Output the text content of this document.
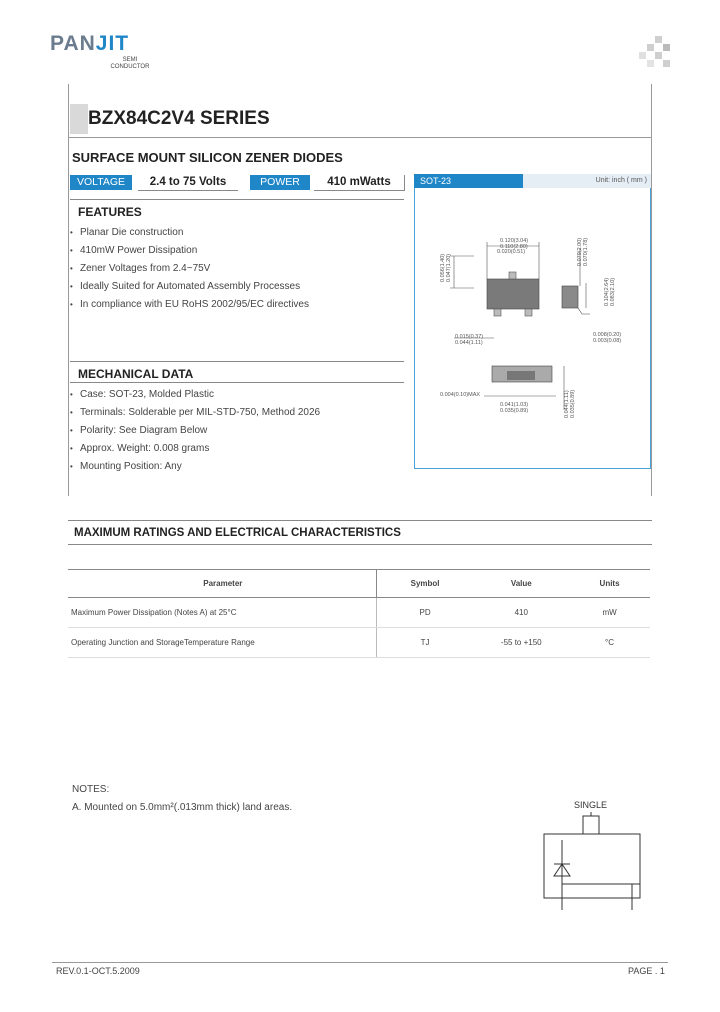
PANJIT
SEMI
CONDUCTOR
BZX84C2V4 SERIES
SURFACE MOUNT SILICON ZENER DIODES
VOLTAGE	2.4 to 75 Volts	POWER	410 mWatts
FEATURES
• Planar Die construction
• 410mW Power Dissipation
• Zener Voltages from 2.4~75V
• Ideally Suited for Automated Assembly Processes
• In compliance with EU RoHS 2002/95/EC directives
MECHANICAL DATA
• Case: SOT-23, Molded Plastic
• Terminals: Solderable per MIL-STD-750, Method 2026
• Polarity: See Diagram Below
• Approx. Weight: 0.008 grams
• Mounting Position: Any
SOT-23	Unit: inch ( mm )
0.120(3.04)
0.110(2.80)
0.056(1.40) 0.047(1.20)
0.020(0.51)	0.079(2.00) 0.070(1.78)
0.104(2.64) 0.083(2.10)
0.015(0.37)
0.044(1.11)
0.008(0.20)
0.003(0.08)
0.004(0.10)MAX
0.041(1.03)
0.035(0.89)	0.044(1.11) 0.035(0.89)
MAXIMUM RATINGS AND ELECTRICAL CHARACTERISTICS
Parameter	Symbol	Value	Units
Maximum Power Dissipation (Notes A) at 25°C	PD	410	mW
Operating Junction and StorageTemperature Range	TJ	-55 to +150	°C
NOTES:
A. Mounted on 5.0mm²(.013mm thick) land areas.	SINGLE
REV.0.1-OCT.5.2009	PAGE . 1
